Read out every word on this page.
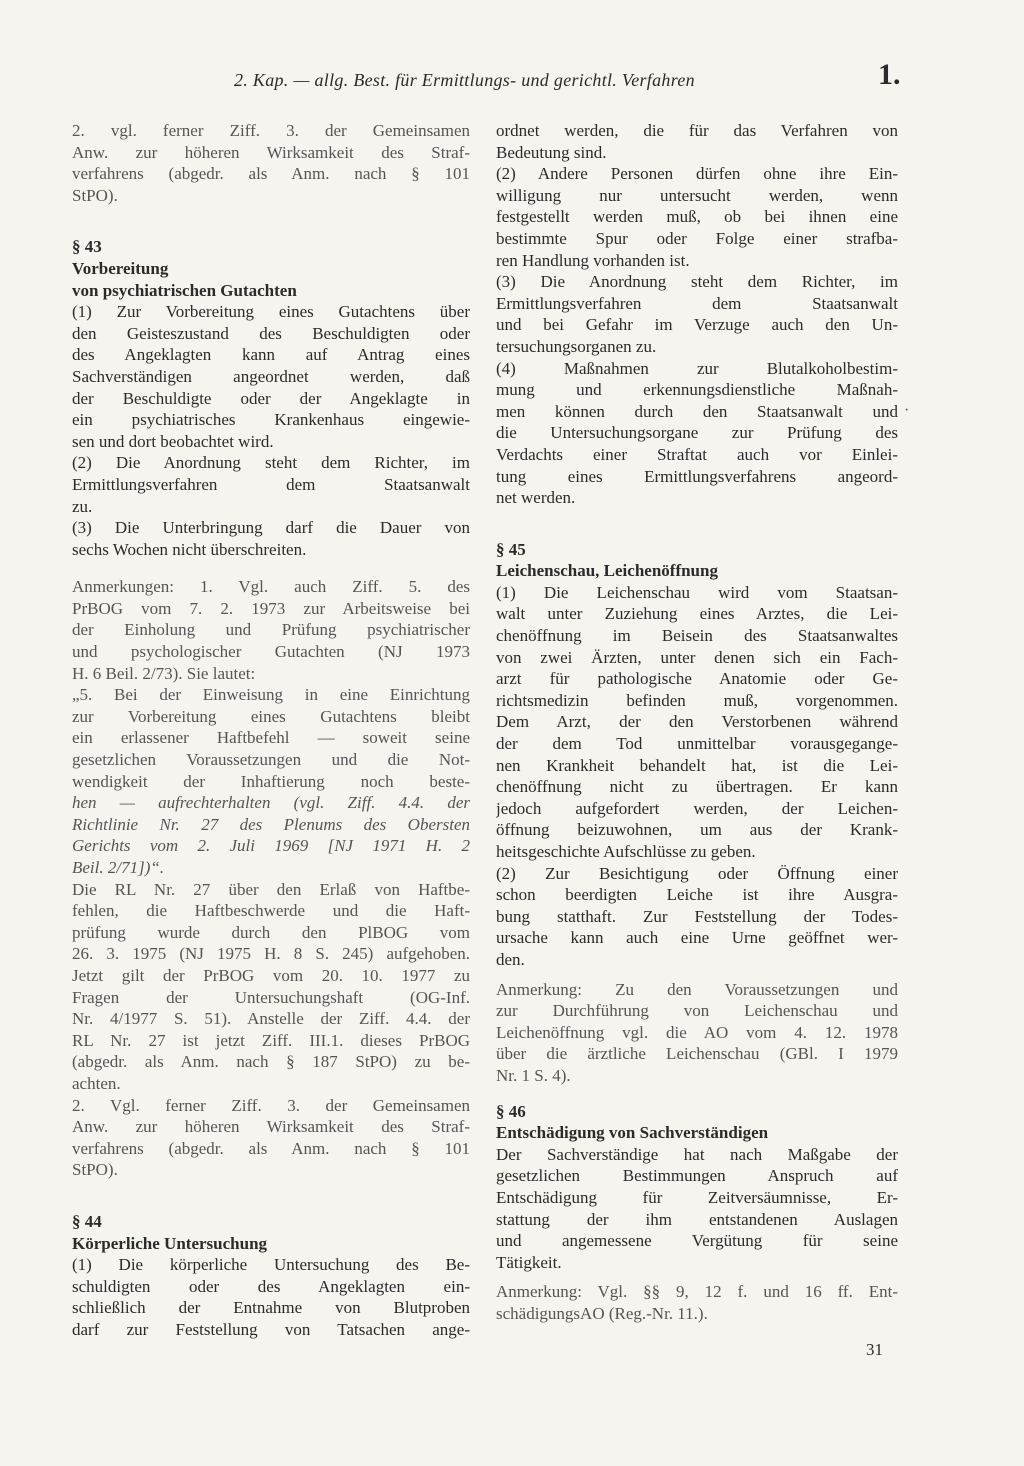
2. Kap. — allg. Best. für Ermittlungs- und gerichtl. Verfahren	1.
2. vgl. ferner Ziff. 3. der Gemeinsamen
Anw. zur höheren Wirksamkeit des Straf-
verfahrens (abgedr. als Anm. nach § 101
StPO).
§ 43
Vorbereitung
von psychiatrischen Gutachten
(1) Zur Vorbereitung eines Gutachtens über
den Geisteszustand des Beschuldigten oder
des Angeklagten kann auf Antrag eines
Sachverständigen angeordnet werden, daß
der Beschuldigte oder der Angeklagte in
ein psychiatrisches Krankenhaus eingewie-
sen und dort beobachtet wird.
(2) Die Anordnung steht dem Richter, im
Ermittlungsverfahren dem Staatsanwalt
zu.
(3) Die Unterbringung darf die Dauer von
sechs Wochen nicht überschreiten.
Anmerkungen: 1. Vgl. auch Ziff. 5. des
PrBOG vom 7. 2. 1973 zur Arbeitsweise bei
der Einholung und Prüfung psychiatrischer
und psychologischer Gutachten (NJ 1973
H. 6 Beil. 2/73). Sie lautet:
„5. Bei der Einweisung in eine Einrichtung
zur Vorbereitung eines Gutachtens bleibt
ein erlassener Haftbefehl — soweit seine
gesetzlichen Voraussetzungen und die Not-
wendigkeit der Inhaftierung noch beste-
hen — aufrechterhalten (vgl. Ziff. 4.4. der
Richtlinie Nr. 27 des Plenums des Obersten
Gerichts vom 2. Juli 1969 [NJ 1971 H. 2
Beil. 2/71])“.
Die RL Nr. 27 über den Erlaß von Haftbe-
fehlen, die Haftbeschwerde und die Haft-
prüfung wurde durch den PlBOG vom
26. 3. 1975 (NJ 1975 H. 8 S. 245) aufgehoben.
Jetzt gilt der PrBOG vom 20. 10. 1977 zu
Fragen der Untersuchungshaft (OG-Inf.
Nr. 4/1977 S. 51). Anstelle der Ziff. 4.4. der
RL Nr. 27 ist jetzt Ziff. III.1. dieses PrBOG
(abgedr. als Anm. nach § 187 StPO) zu be-
achten.
2. Vgl. ferner Ziff. 3. der Gemeinsamen
Anw. zur höheren Wirksamkeit des Straf-
verfahrens (abgedr. als Anm. nach § 101
StPO).
§ 44
Körperliche Untersuchung
(1) Die körperliche Untersuchung des Be-
schuldigten oder des Angeklagten ein-
schließlich der Entnahme von Blutproben
darf zur Feststellung von Tatsachen ange-
ordnet werden, die für das Verfahren von
Bedeutung sind.
(2) Andere Personen dürfen ohne ihre Ein-
willigung nur untersucht werden, wenn
festgestellt werden muß, ob bei ihnen eine
bestimmte Spur oder Folge einer strafba-
ren Handlung vorhanden ist.
(3) Die Anordnung steht dem Richter, im
Ermittlungsverfahren dem Staatsanwalt
und bei Gefahr im Verzuge auch den Un-
tersuchungsorganen zu.
(4) Maßnahmen zur Blutalkoholbestim-
mung und erkennungsdienstliche Maßnah-
men können durch den Staatsanwalt und
die Untersuchungsorgane zur Prüfung des
Verdachts einer Straftat auch vor Einlei-
tung eines Ermittlungsverfahrens angeord-
net werden.
§ 45
Leichenschau, Leichenöffnung
(1) Die Leichenschau wird vom Staatsan-
walt unter Zuziehung eines Arztes, die Lei-
chenöffnung im Beisein des Staatsanwaltes
von zwei Ärzten, unter denen sich ein Fach-
arzt für pathologische Anatomie oder Ge-
richtsmedizin befinden muß, vorgenommen.
Dem Arzt, der den Verstorbenen während
der dem Tod unmittelbar vorausgegange-
nen Krankheit behandelt hat, ist die Lei-
chenöffnung nicht zu übertragen. Er kann
jedoch aufgefordert werden, der Leichen-
öffnung beizuwohnen, um aus der Krank-
heitsgeschichte Aufschlüsse zu geben.
(2) Zur Besichtigung oder Öffnung einer
schon beerdigten Leiche ist ihre Ausgra-
bung statthaft. Zur Feststellung der Todes-
ursache kann auch eine Urne geöffnet wer-
den.
Anmerkung: Zu den Voraussetzungen und
zur Durchführung von Leichenschau und
Leichenöffnung vgl. die AO vom 4. 12. 1978
über die ärztliche Leichenschau (GBl. I 1979
Nr. 1 S. 4).
§ 46
Entschädigung von Sachverständigen
Der Sachverständige hat nach Maßgabe der
gesetzlichen Bestimmungen Anspruch auf
Entschädigung für Zeitversäumnisse, Er-
stattung der ihm entstandenen Auslagen
und angemessene Vergütung für seine
Tätigkeit.
Anmerkung: Vgl. §§ 9, 12 f. und 16 ff. Ent-
schädigungsAO (Reg.-Nr. 11.).
·
31
